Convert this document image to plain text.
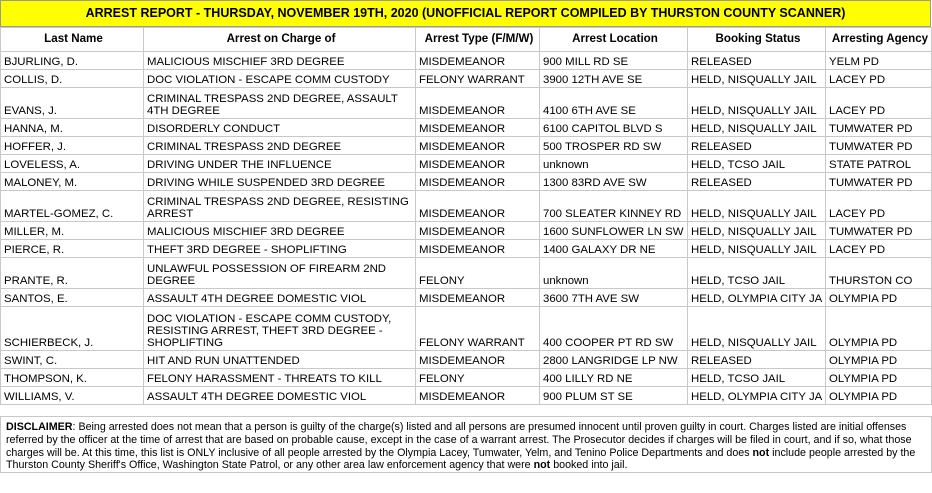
ARREST REPORT - THURSDAY, NOVEMBER 19TH, 2020 (UNOFFICIAL REPORT COMPILED BY THURSTON COUNTY SCANNER)
Last Name	Arrest on Charge of	Arrest Type (F/M/W)	Arrest Location	Booking Status	Arresting Agency
BJURLING, D.	MALICIOUS MISCHIEF 3RD DEGREE	MISDEMEANOR	900 MILL RD SE	RELEASED	YELM PD
COLLIS, D.	DOC VIOLATION - ESCAPE COMM CUSTODY	FELONY WARRANT	3900 12TH AVE SE	HELD, NISQUALLY JAIL	LACEY PD
EVANS, J.	CRIMINAL TRESPASS 2ND DEGREE, ASSAULT 4TH DEGREE	MISDEMEANOR	4100 6TH AVE SE	HELD, NISQUALLY JAIL	LACEY PD
HANNA, M.	DISORDERLY CONDUCT	MISDEMEANOR	6100 CAPITOL BLVD S	HELD, NISQUALLY JAIL	TUMWATER PD
HOFFER, J.	CRIMINAL TRESPASS 2ND DEGREE	MISDEMEANOR	500 TROSPER RD SW	RELEASED	TUMWATER PD
LOVELESS, A.	DRIVING UNDER THE INFLUENCE	MISDEMEANOR	unknown	HELD, TCSO JAIL	STATE PATROL
MALONEY, M.	DRIVING WHILE SUSPENDED 3RD DEGREE	MISDEMEANOR	1300 83RD AVE SW	RELEASED	TUMWATER PD
MARTEL-GOMEZ, C.	CRIMINAL TRESPASS 2ND DEGREE, RESISTING ARREST	MISDEMEANOR	700 SLEATER KINNEY RD	HELD, NISQUALLY JAIL	LACEY PD
MILLER, M.	MALICIOUS MISCHIEF 3RD DEGREE	MISDEMEANOR	1600 SUNFLOWER LN SW	HELD, NISQUALLY JAIL	TUMWATER PD
PIERCE, R.	THEFT 3RD DEGREE - SHOPLIFTING	MISDEMEANOR	1400 GALAXY DR NE	HELD, NISQUALLY JAIL	LACEY PD
PRANTE, R.	UNLAWFUL POSSESSION OF FIREARM 2ND DEGREE	FELONY	unknown	HELD, TCSO JAIL	THURSTON CO
SANTOS, E.	ASSAULT 4TH DEGREE DOMESTIC VIOL	MISDEMEANOR	3600 7TH AVE SW	HELD, OLYMPIA CITY JA	OLYMPIA PD
SCHIERBECK, J.	DOC VIOLATION - ESCAPE COMM CUSTODY, RESISTING ARREST, THEFT 3RD DEGREE - SHOPLIFTING	FELONY WARRANT	400 COOPER PT RD SW	HELD, NISQUALLY JAIL	OLYMPIA PD
SWINT, C.	HIT AND RUN UNATTENDED	MISDEMEANOR	2800 LANGRIDGE LP NW	RELEASED	OLYMPIA PD
THOMPSON, K.	FELONY HARASSMENT - THREATS TO KILL	FELONY	400 LILLY RD NE	HELD, TCSO JAIL	OLYMPIA PD
WILLIAMS, V.	ASSAULT 4TH DEGREE DOMESTIC VIOL	MISDEMEANOR	900 PLUM ST SE	HELD, OLYMPIA CITY JA	OLYMPIA PD

DISCLAIMER: Being arrested does not mean that a person is guilty of the charge(s) listed and all persons are presumed innocent until proven guilty in court. Charges listed are initial offenses referred by the officer at the time of arrest that are based on probable cause, except in the case of a warrant arrest. The Prosecutor decides if charges will be filed in court, and if so, what those charges will be. At this time, this list is ONLY inclusive of all people arrested by the Olympia Lacey, Tumwater, Yelm, and Tenino Police Departments and does not include people arrested by the Thurston County Sheriff's Office, Washington State Patrol, or any other area law enforcement agency that were not booked into jail.					
